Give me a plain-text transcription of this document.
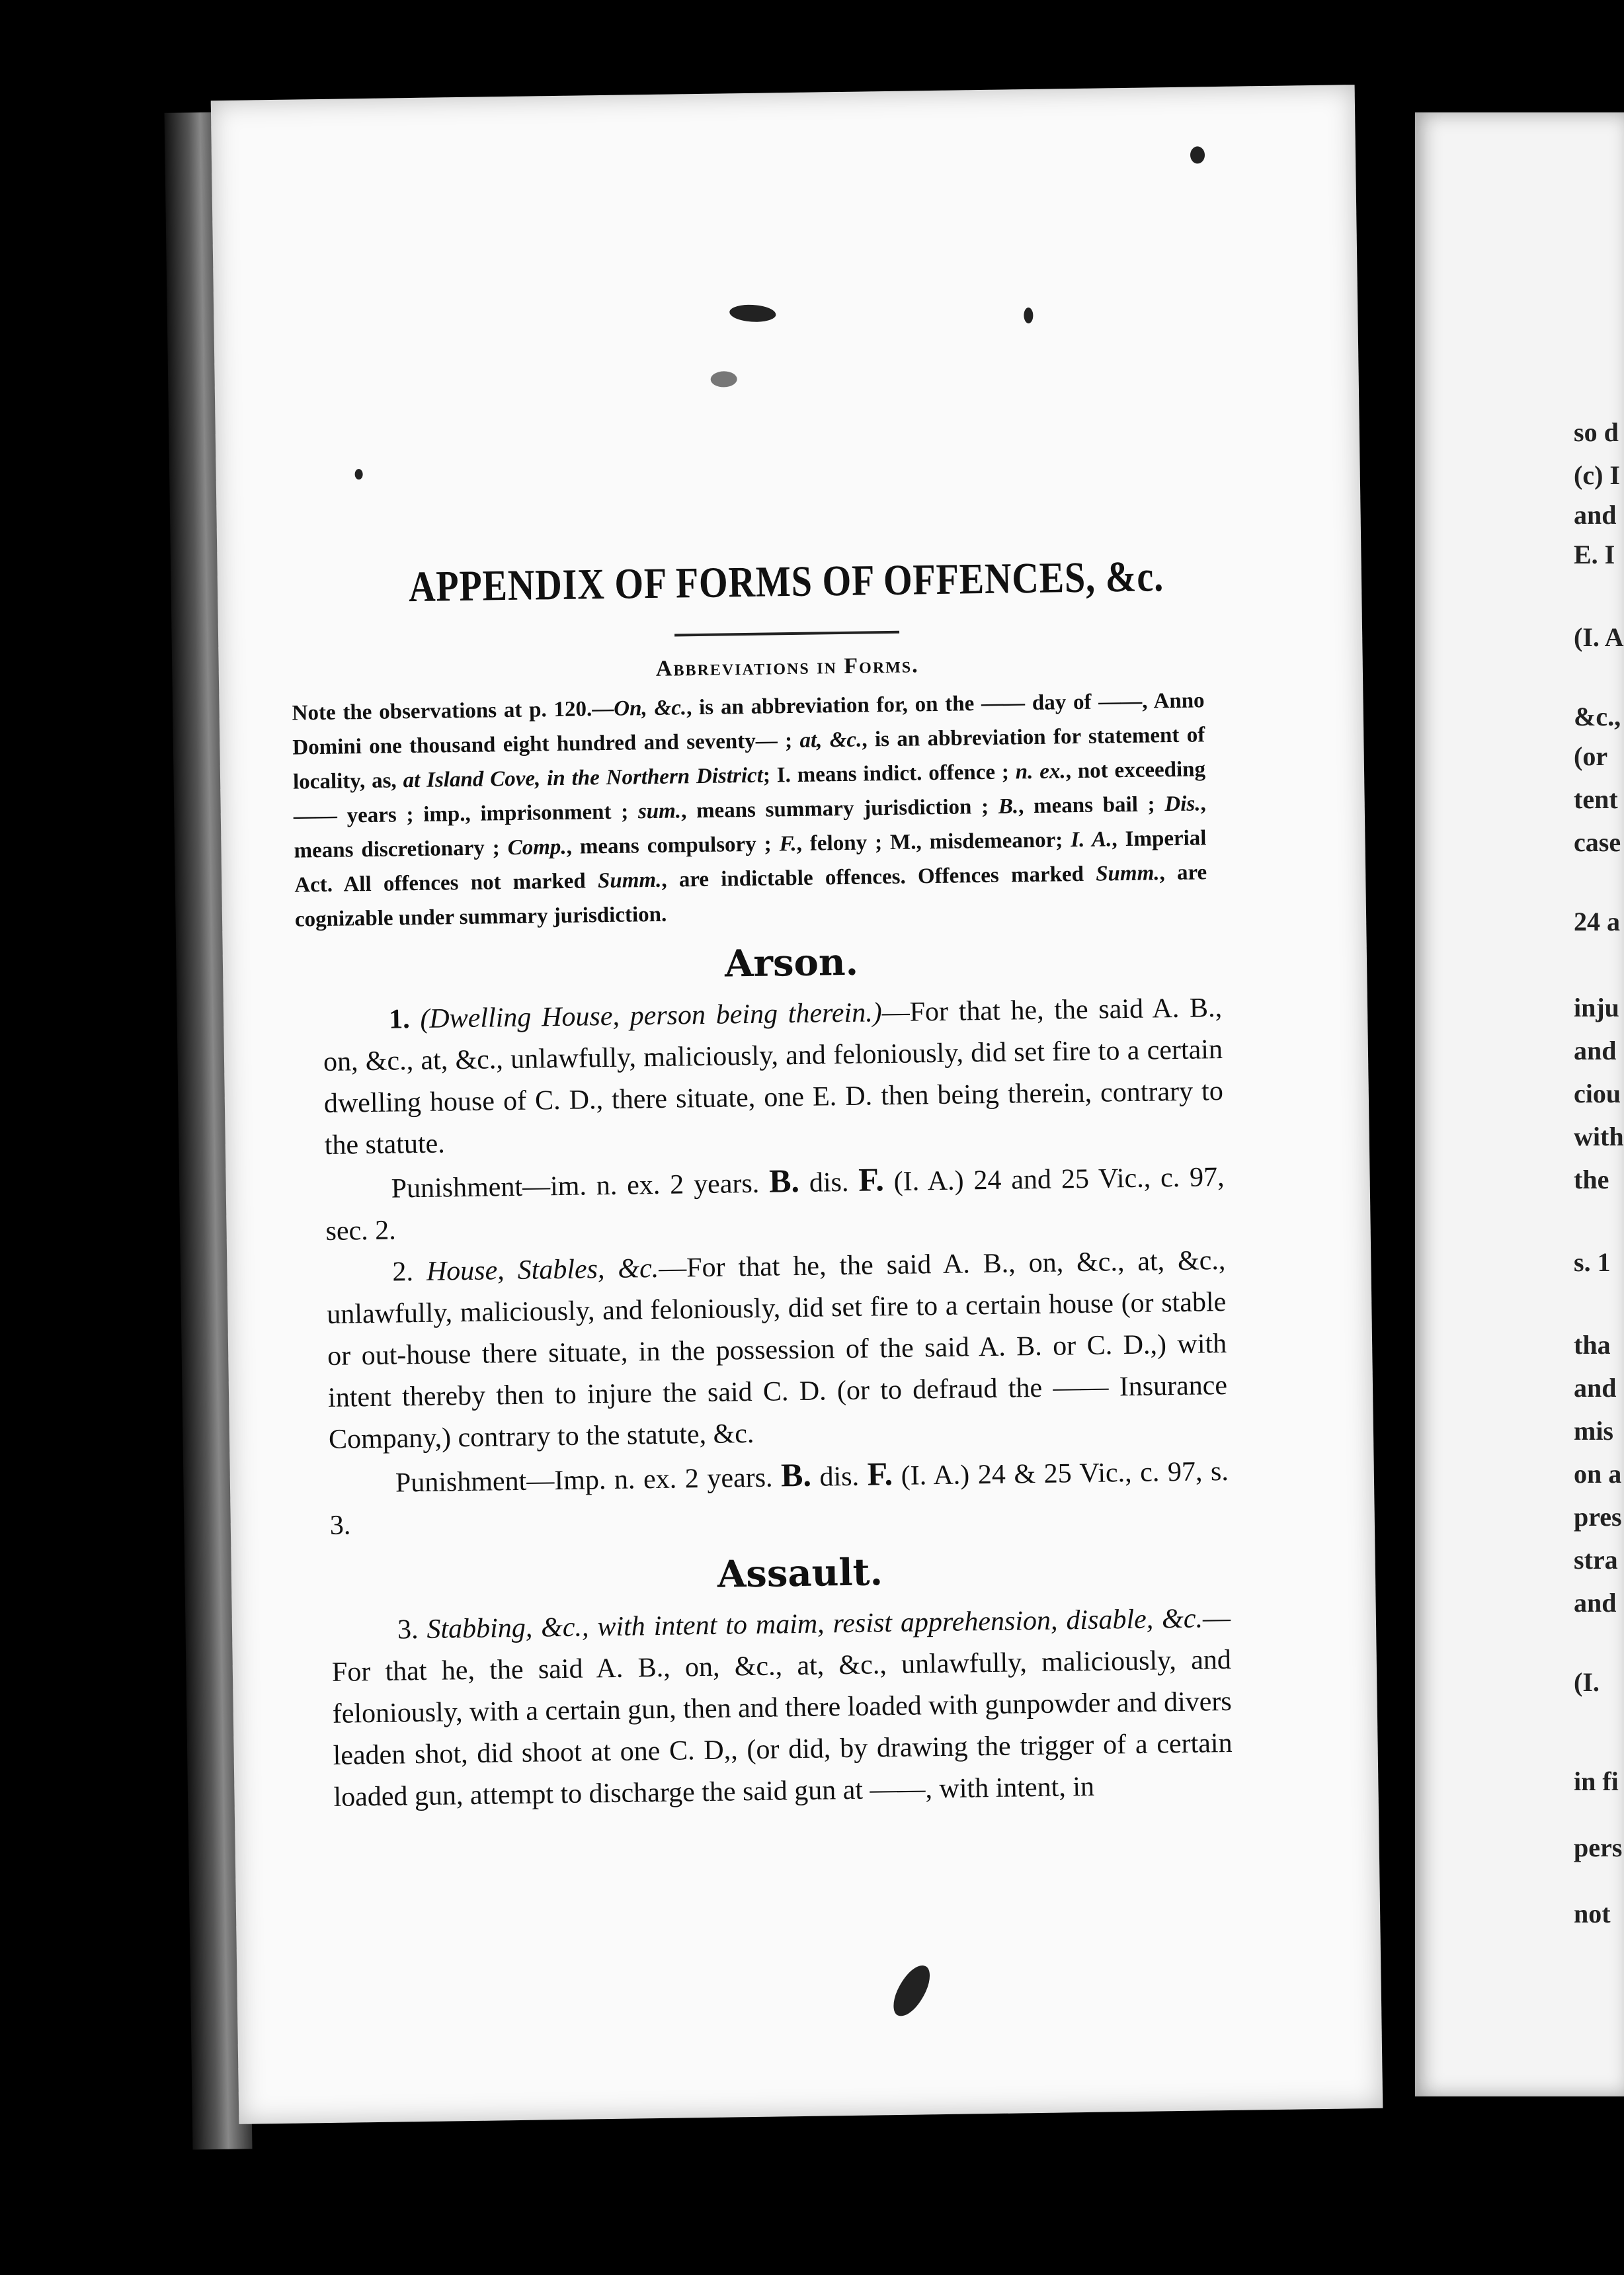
APPENDIX OF FORMS OF OFFENCES, &c.

Abbreviations in Forms.

Note the observations at p. 120.—On, &c., is an abbreviation for, on the —— day of ——, Anno Domini one thousand eight hundred and seventy— ; at, &c., is an abbreviation for statement of locality, as, at Island Cove, in the Northern District; I. means indict. offence ; n. ex., not exceeding —— years ; imp., imprisonment ; sum., means summary jurisdiction ; B., means bail ; Dis., means discretionary ; Comp., means compulsory ; F., felony ; M., misdemeanor; I. A., Imperial Act. All offences not marked Summ., are indictable offences. Offences marked Summ., are cognizable under summary jurisdiction.

Arson.

1. (Dwelling House, person being therein.)—For that he, the said A. B., on, &c., at, &c., unlawfully, maliciously, and feloniously, did set fire to a certain dwelling house of C. D., there situate, one E. D. then being therein, contrary to the statute.

Punishment—im. n. ex. 2 years. B. dis. F. (I. A.) 24 and 25 Vic., c. 97, sec. 2.

2. House, Stables, &c.—For that he, the said A. B., on, &c., at, &c., unlawfully, maliciously, and feloniously, did set fire to a certain house (or stable or out-house there situate, in the possession of the said A. B. or C. D.,) with intent thereby then to injure the said C. D. (or to defraud the —— Insurance Company,) contrary to the statute, &c.

Punishment—Imp. n. ex. 2 years. B. dis. F. (I. A.) 24 & 25 Vic., c. 97, s. 3.

Assault.

3. Stabbing, &c., with intent to maim, resist apprehension, disable, &c.—For that he, the said A. B., on, &c., at, &c., unlawfully, maliciously, and feloniously, with a certain gun, then and there loaded with gunpowder and divers leaden shot, did shoot at one C. D,, (or did, by drawing the trigger of a certain loaded gun, attempt to discharge the said gun at ——, with intent, in

so d
(c) I
and
E. I
(I. A
&c.,
(or
tent
case
24 a
inju
and
ciou
with
the
s. 1
tha
and
mis
on a
pres
stra
and
(I.
in fi
pers
not
